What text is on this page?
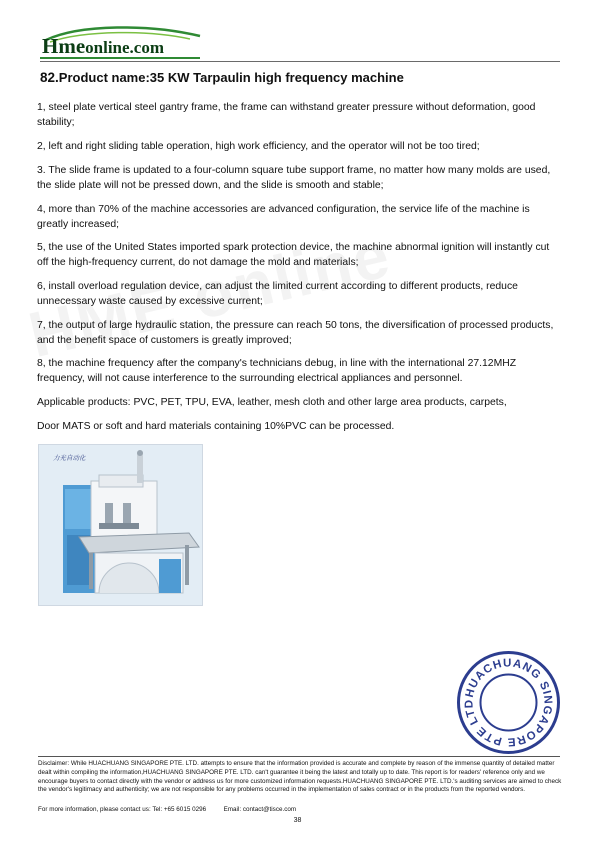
Hmeonline.com
82.Product name:35 KW Tarpaulin high frequency machine
1, steel plate vertical steel gantry frame, the frame can withstand greater pressure without deformation, good stability;
2, left and right sliding table operation, high work efficiency, and the operator will not be too tired;
3. The slide frame is updated to a four-column square tube support frame, no matter how many molds are used, the slide plate will not be pressed down, and the slide is smooth and stable;
4, more than 70% of the machine accessories are advanced configuration, the service life of the machine is greatly increased;
5, the use of the United States imported spark protection device, the machine abnormal ignition will instantly cut off the high-frequency current, do not damage the mold and materials;
6, install overload regulation device, can adjust the limited current according to different products, reduce unnecessary waste caused by excessive current;
7, the output of large hydraulic station, the pressure can reach 50 tons, the diversification of processed products, and the benefit space of customers is greatly improved;
8, the machine frequency after the company's technicians debug, in line with the international 27.12MHZ frequency, will not cause interference to the surrounding electrical appliances and personnel.
Applicable products: PVC, PET, TPU, EVA, leather, mesh cloth and other large area products, carpets,
Door MATS or soft and hard materials containing 10%PVC can be processed.
力光自动化
HUACHUANG SINGAPORE PTE LTD
Disclaimer: While HUACHUANG SINGAPORE PTE. LTD. attempts to ensure that the information provided is accurate and complete by reason of the immense quantity of detailed matter dealt within compiling the information,HUACHUANG SINGAPORE PTE. LTD. can't guarantee it being the latest and totally up to date. This report is for readers' reference only and we encourage buyers to contact directly with the vendor or address us for more customized information requests.HUACHUANG SINGAPORE PTE. LTD.'s auditing services are aimed to check the vendor's legitimacy and authenticity; we are not responsible for any problems occurred in the implementation of sales contract or in the products from the reported vendors.
For more information, please contact us: Tel: +65 6015 0296	Email: contact@tisce.com
38
